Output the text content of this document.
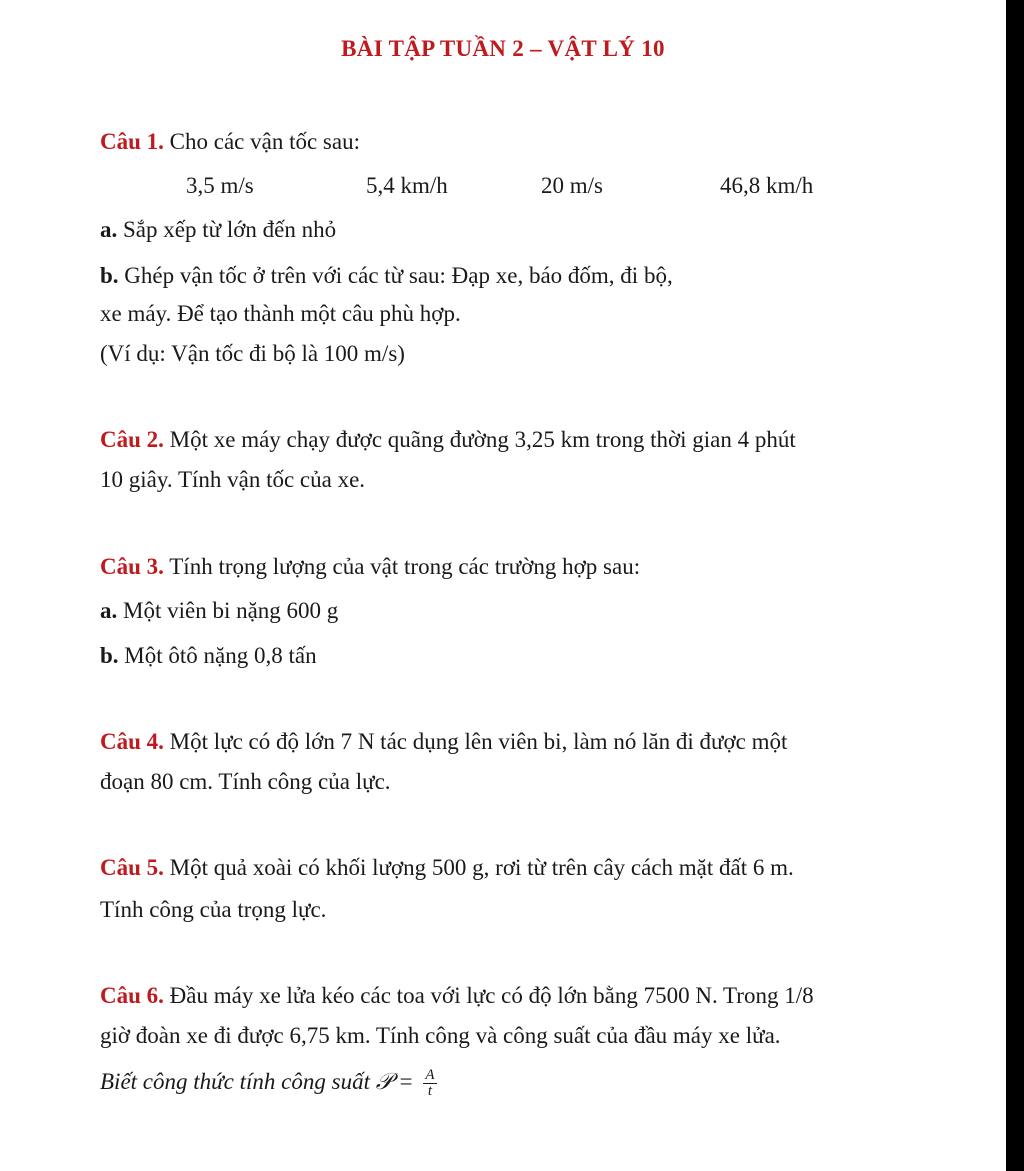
BÀI TẬP TUẦN 2 – VẬT LÝ 10
Câu 1. Cho các vận tốc sau:
3,5 m/s	5,4 km/h	20 m/s	46,8 km/h
a. Sắp xếp từ lớn đến nhỏ
b. Ghép vận tốc ở trên với các từ sau: Đạp xe, báo đốm, đi bộ,
xe máy. Để tạo thành một câu phù hợp.
(Ví dụ: Vận tốc đi bộ là 100 m/s)
Câu 2. Một xe máy chạy được quãng đường 3,25 km trong thời gian 4 phút
10 giây. Tính vận tốc của xe.
Câu 3. Tính trọng lượng của vật trong các trường hợp sau:
a. Một viên bi nặng 600 g
b. Một ôtô nặng 0,8 tấn
Câu 4. Một lực có độ lớn 7 N tác dụng lên viên bi, làm nó lăn đi được một
đoạn 80 cm. Tính công của lực.
Câu 5. Một quả xoài có khối lượng 500 g, rơi từ trên cây cách mặt đất 6 m.
Tính công của trọng lực.
Câu 6. Đầu máy xe lửa kéo các toa với lực có độ lớn bằng 7500 N. Trong 1/8
giờ đoàn xe đi được 6,75 km. Tính công và công suất của đầu máy xe lửa.
Biết công thức tính công suất 𝒫 = $\frac{A}{t}$
